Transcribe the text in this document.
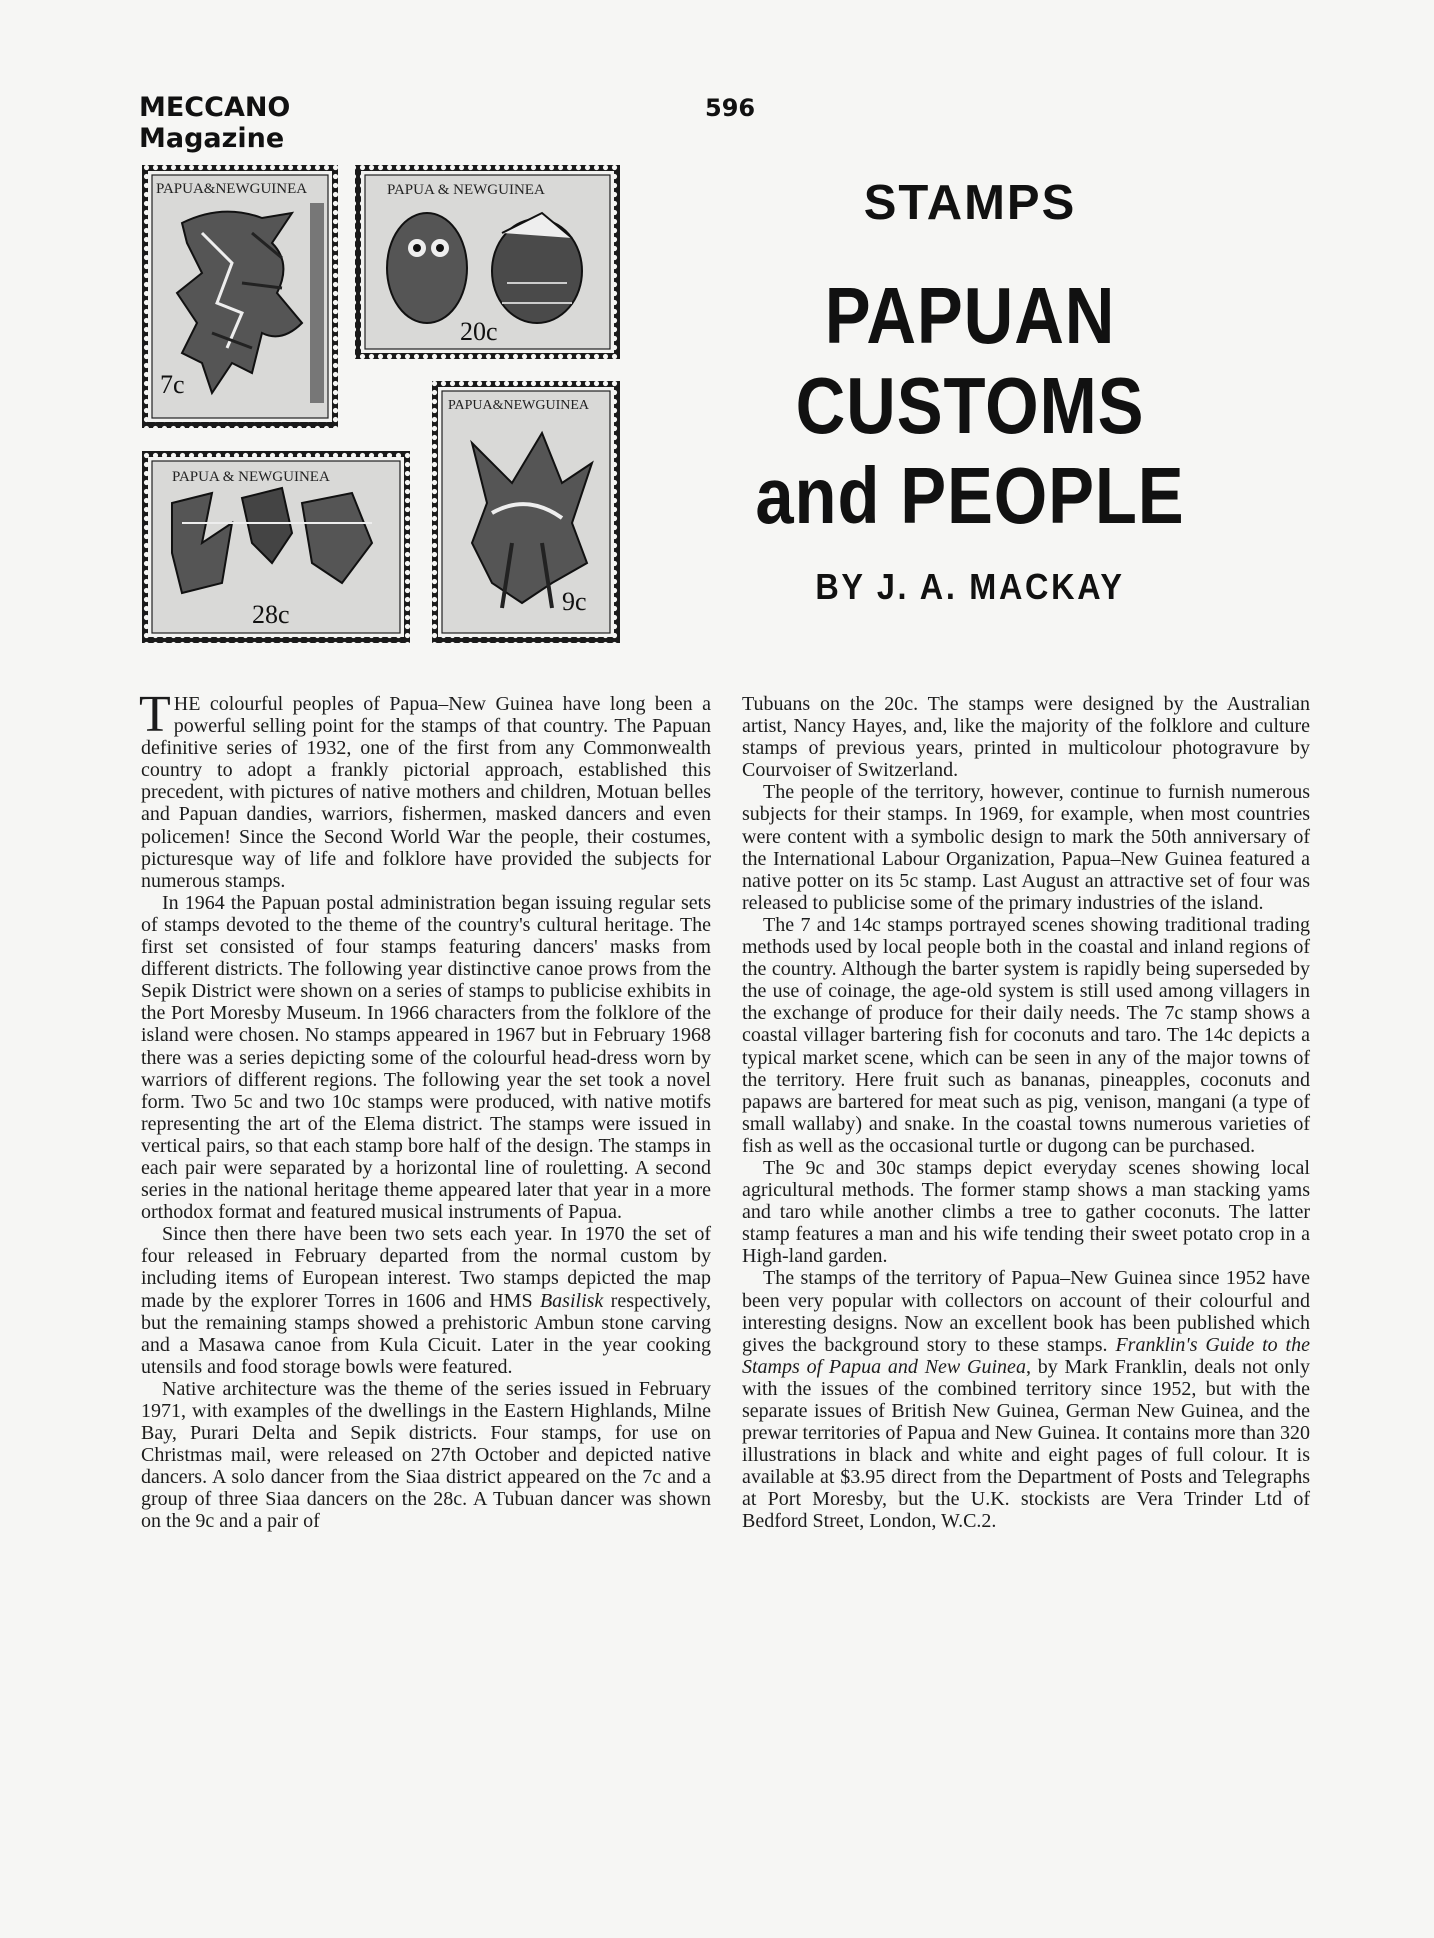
MECCANO
Magazine
596
PAPUA&NEWGUINEA
7c
PAPUA & NEWGUINEA
20c
PAPUA&NEWGUINEA
9c
PAPUA & NEWGUINEA
28c
STAMPS
PAPUAN
CUSTOMS
and PEOPLE
BY J. A. MACKAY

THE colourful peoples of Papua–New Guinea have long been a powerful selling point for the stamps of that country. The Papuan definitive series of 1932, one of the first from any Commonwealth country to adopt a frankly pictorial approach, established this precedent, with pictures of native mothers and children, Motuan belles and Papuan dandies, warriors, fishermen, masked dancers and even policemen! Since the Second World War the people, their costumes, picturesque way of life and folklore have provided the subjects for numerous stamps.

In 1964 the Papuan postal administration began issuing regular sets of stamps devoted to the theme of the country's cultural heritage. The first set consisted of four stamps featuring dancers' masks from different districts. The following year distinctive canoe prows from the Sepik District were shown on a series of stamps to publicise exhibits in the Port Moresby Museum. In 1966 characters from the folklore of the island were chosen. No stamps appeared in 1967 but in February 1968 there was a series depicting some of the colourful head-dress worn by warriors of different regions. The following year the set took a novel form. Two 5c and two 10c stamps were produced, with native motifs representing the art of the Elema district. The stamps were issued in vertical pairs, so that each stamp bore half of the design. The stamps in each pair were separated by a horizontal line of rouletting. A second series in the national heritage theme appeared later that year in a more orthodox format and featured musical instruments of Papua.

Since then there have been two sets each year. In 1970 the set of four released in February departed from the normal custom by including items of European interest. Two stamps depicted the map made by the explorer Torres in 1606 and HMS Basilisk respectively, but the remaining stamps showed a prehistoric Ambun stone carving and a Masawa canoe from Kula Cicuit. Later in the year cooking utensils and food storage bowls were featured.

Native architecture was the theme of the series issued in February 1971, with examples of the dwellings in the Eastern Highlands, Milne Bay, Purari Delta and Sepik districts. Four stamps, for use on Christmas mail, were released on 27th October and depicted native dancers. A solo dancer from the Siaa district appeared on the 7c and a group of three Siaa dancers on the 28c. A Tubuan dancer was shown on the 9c and a pair of

Tubuans on the 20c. The stamps were designed by the Australian artist, Nancy Hayes, and, like the majority of the folklore and culture stamps of previous years, printed in multicolour photogravure by Courvoiser of Switzerland.

The people of the territory, however, continue to furnish numerous subjects for their stamps. In 1969, for example, when most countries were content with a symbolic design to mark the 50th anniversary of the International Labour Organization, Papua–New Guinea featured a native potter on its 5c stamp. Last August an attractive set of four was released to publicise some of the primary industries of the island.

The 7 and 14c stamps portrayed scenes showing traditional trading methods used by local people both in the coastal and inland regions of the country. Although the barter system is rapidly being superseded by the use of coinage, the age-old system is still used among villagers in the exchange of produce for their daily needs. The 7c stamp shows a coastal villager bartering fish for coconuts and taro. The 14c depicts a typical market scene, which can be seen in any of the major towns of the territory. Here fruit such as bananas, pineapples, coconuts and papaws are bartered for meat such as pig, venison, mangani (a type of small wallaby) and snake. In the coastal towns numerous varieties of fish as well as the occasional turtle or dugong can be purchased.

The 9c and 30c stamps depict everyday scenes showing local agricultural methods. The former stamp shows a man stacking yams and taro while another climbs a tree to gather coconuts. The latter stamp features a man and his wife tending their sweet potato crop in a High-land garden.

The stamps of the territory of Papua–New Guinea since 1952 have been very popular with collectors on account of their colourful and interesting designs. Now an excellent book has been published which gives the background story to these stamps. Franklin's Guide to the Stamps of Papua and New Guinea, by Mark Franklin, deals not only with the issues of the combined territory since 1952, but with the separate issues of British New Guinea, German New Guinea, and the prewar territories of Papua and New Guinea. It contains more than 320 illustrations in black and white and eight pages of full colour. It is available at $3.95 direct from the Department of Posts and Telegraphs at Port Moresby, but the U.K. stockists are Vera Trinder Ltd of Bedford Street, London, W.C.2.
